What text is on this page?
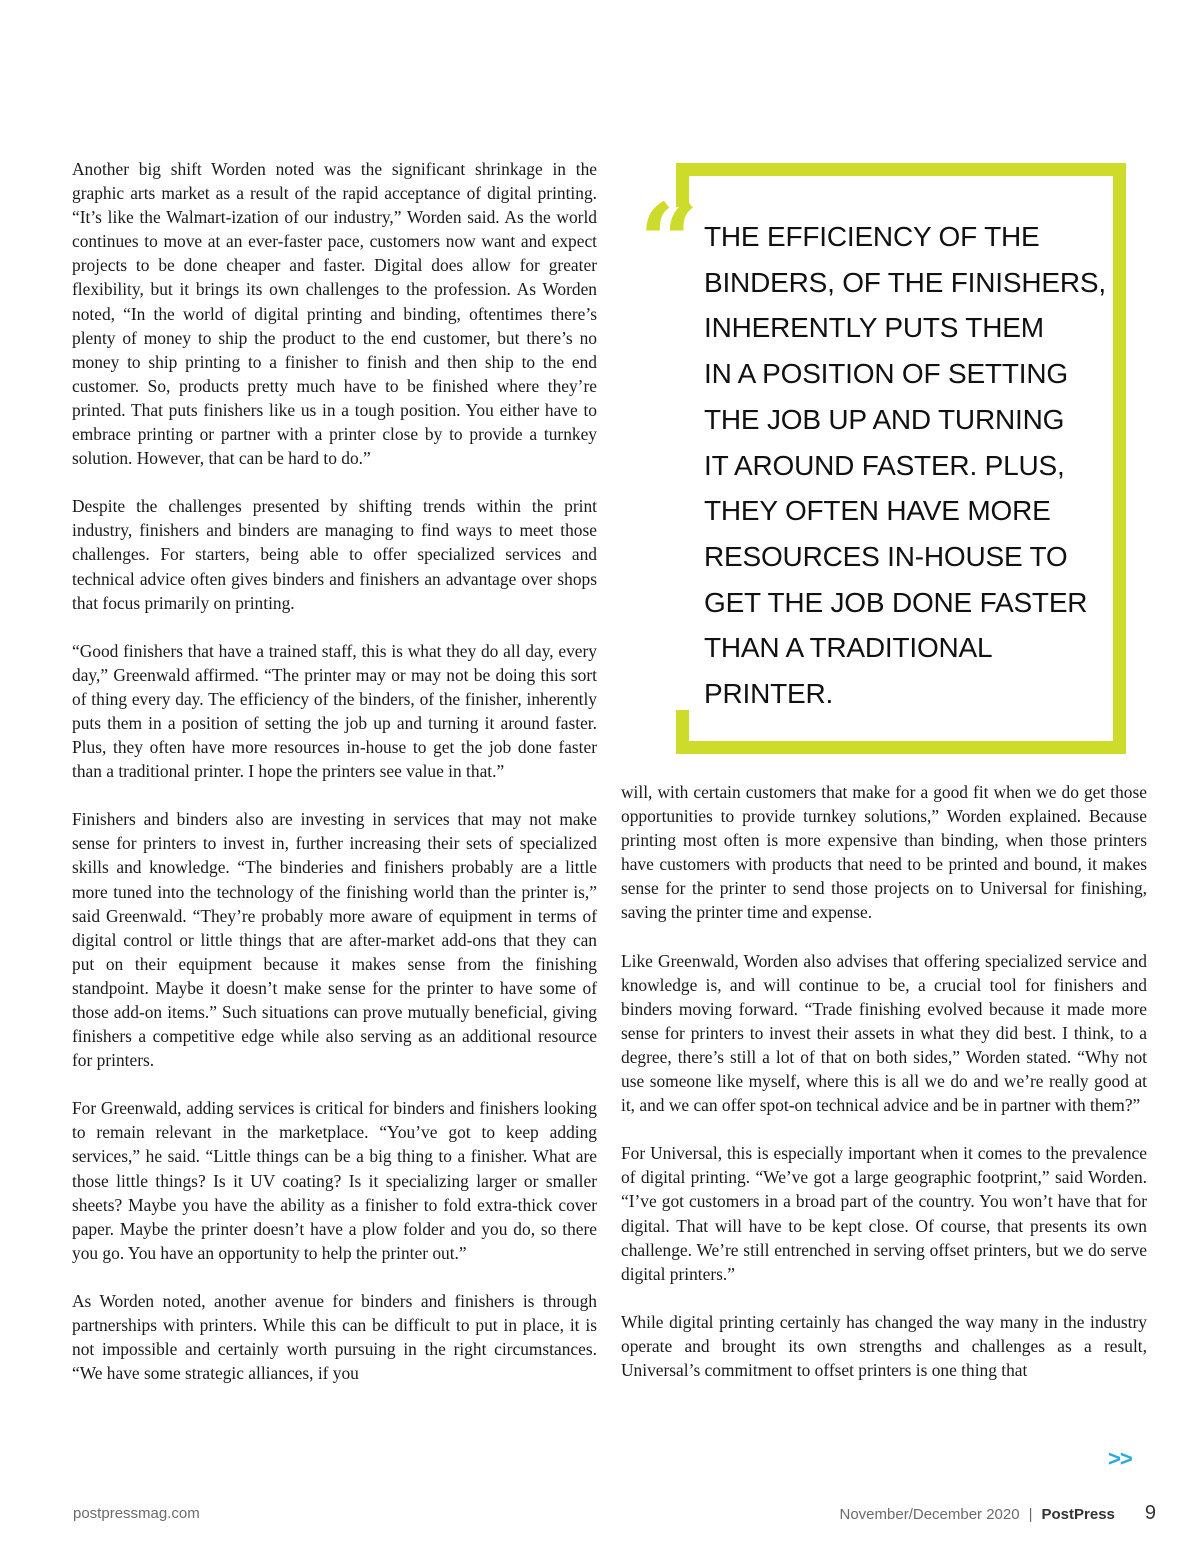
Another big shift Worden noted was the significant shrinkage in the graphic arts market as a result of the rapid acceptance of digital printing. “It’s like the Walmart-ization of our industry,” Worden said. As the world continues to move at an ever-faster pace, customers now want and expect projects to be done cheaper and faster. Digital does allow for greater flexibility, but it brings its own challenges to the profession. As Worden noted, “In the world of digital printing and binding, oftentimes there’s plenty of money to ship the product to the end customer, but there’s no money to ship printing to a finisher to finish and then ship to the end customer. So, products pretty much have to be finished where they’re printed. That puts finishers like us in a tough position. You either have to embrace printing or partner with a printer close by to provide a turnkey solution. However, that can be hard to do.”

Despite the challenges presented by shifting trends within the print industry, finishers and binders are managing to find ways to meet those challenges. For starters, being able to offer specialized services and technical advice often gives binders and finishers an advantage over shops that focus primarily on printing.

“Good finishers that have a trained staff, this is what they do all day, every day,” Greenwald affirmed. “The printer may or may not be doing this sort of thing every day. The efficiency of the binders, of the finisher, inherently puts them in a position of setting the job up and turning it around faster. Plus, they often have more resources in-house to get the job done faster than a traditional printer. I hope the printers see value in that.”

Finishers and binders also are investing in services that may not make sense for printers to invest in, further increasing their sets of specialized skills and knowledge. “The binderies and finishers probably are a little more tuned into the technology of the finishing world than the printer is,” said Greenwald. “They’re probably more aware of equipment in terms of digital control or little things that are after-market add-ons that they can put on their equipment because it makes sense from the finishing standpoint. Maybe it doesn’t make sense for the printer to have some of those add-on items.” Such situations can prove mutually beneficial, giving finishers a competitive edge while also serving as an additional resource for printers.

For Greenwald, adding services is critical for binders and finishers looking to remain relevant in the marketplace. “You’ve got to keep adding services,” he said. “Little things can be a big thing to a finisher. What are those little things? Is it UV coating? Is it specializing larger or smaller sheets? Maybe you have the ability as a finisher to fold extra-thick cover paper. Maybe the printer doesn’t have a plow folder and you do, so there you go. You have an opportunity to help the printer out.”

As Worden noted, another avenue for binders and finishers is through partnerships with printers. While this can be difficult to put in place, it is not impossible and certainly worth pursuing in the right circumstances. “We have some strategic alliances, if you

“ THE EFFICIENCY OF THE
BINDERS, OF THE FINISHERS,
INHERENTLY PUTS THEM
IN A POSITION OF SETTING
THE JOB UP AND TURNING
IT AROUND FASTER. PLUS,
THEY OFTEN HAVE MORE
RESOURCES IN-HOUSE TO
GET THE JOB DONE FASTER
THAN A TRADITIONAL
PRINTER.

will, with certain customers that make for a good fit when we do get those opportunities to provide turnkey solutions,” Worden explained. Because printing most often is more expensive than binding, when those printers have customers with products that need to be printed and bound, it makes sense for the printer to send those projects on to Universal for finishing, saving the printer time and expense.

Like Greenwald, Worden also advises that offering specialized service and knowledge is, and will continue to be, a crucial tool for finishers and binders moving forward. “Trade finishing evolved because it made more sense for printers to invest their assets in what they did best. I think, to a degree, there’s still a lot of that on both sides,” Worden stated. “Why not use someone like myself, where this is all we do and we’re really good at it, and we can offer spot-on technical advice and be in partner with them?”

For Universal, this is especially important when it comes to the prevalence of digital printing. “We’ve got a large geographic footprint,” said Worden. “I’ve got customers in a broad part of the country. You won’t have that for digital. That will have to be kept close. Of course, that presents its own challenge. We’re still entrenched in serving offset printers, but we do serve digital printers.”

While digital printing certainly has changed the way many in the industry operate and brought its own strengths and challenges as a result, Universal’s commitment to offset printers is one thing that

>>
postpressmag.com	November/December 2020 | PostPress 9
